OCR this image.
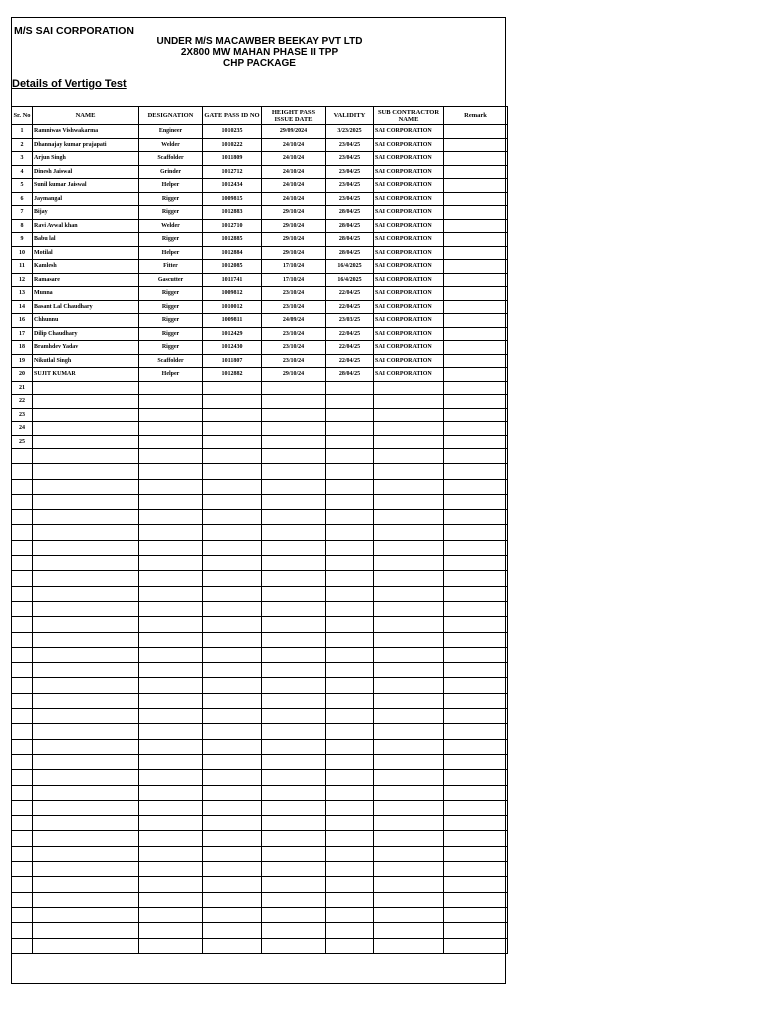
M/S SAI CORPORATION
UNDER M/S MACAWBER BEEKAY PVT LTD
2X800 MW MAHAN PHASE II TPP
CHP PACKAGE
Details of Vertigo Test
Sr. No	NAME	DESIGNATION	GATE PASS ID NO	HEIGHT PASS ISSUE DATE	VALIDITY	SUB CONTRACTOR NAME	Remark
1	Ramniwas Vishwakarma	Engineer	1010235	29/09/2024	3/23/2025	SAI CORPORATION	
2	Dhannajay kumar prajapati	Welder	1010222	24/10/24	23/04/25	SAI CORPORATION	
3	Arjun Singh	Scaffolder	1011809	24/10/24	23/04/25	SAI CORPORATION	
4	Dinesh Jaiswal	Grinder	1012712	24/10/24	23/04/25	SAI CORPORATION	
5	Sunil kumar Jaiswal	Helper	1012434	24/10/24	23/04/25	SAI CORPORATION	
6	Jaymangal	Rigger	1009815	24/10/24	23/04/25	SAI CORPORATION	
7	Bijay	Rigger	1012883	29/10/24	28/04/25	SAI CORPORATION	
8	Ravi Avwal khan	Welder	1012710	29/10/24	28/04/25	SAI CORPORATION	
9	Babu lal	Rigger	1012885	29/10/24	28/04/25	SAI CORPORATION	
10	Motilal	Helper	1012884	29/10/24	28/04/25	SAI CORPORATION	
11	Kamlesh	Fitter	1012085	17/10/24	16/4/2025	SAI CORPORATION	
12	Ramasare	Gascutter	1011741	17/10/24	16/4/2025	SAI CORPORATION	
13	Munna	Rigger	1009812	23/10/24	22/04/25	SAI CORPORATION	
14	Basant Lal Chaudhary	Rigger	1010012	23/10/24	22/04/25	SAI CORPORATION	
16	Chhunnu	Rigger	1009811	24/09/24	23/03/25	SAI CORPORATION	
17	Dilip Chaudhary	Rigger	1012429	23/10/24	22/04/25	SAI CORPORATION	
18	Bramhdev Yadav	Rigger	1012430	23/10/24	22/04/25	SAI CORPORATION	
19	Nikutlal Singh	Scaffolder	1011807	23/10/24	22/04/25	SAI CORPORATION	
20	SUJIT KUMAR	Helper	1012882	29/10/24	28/04/25	SAI CORPORATION	
21							
22							
23							
24							
25							
